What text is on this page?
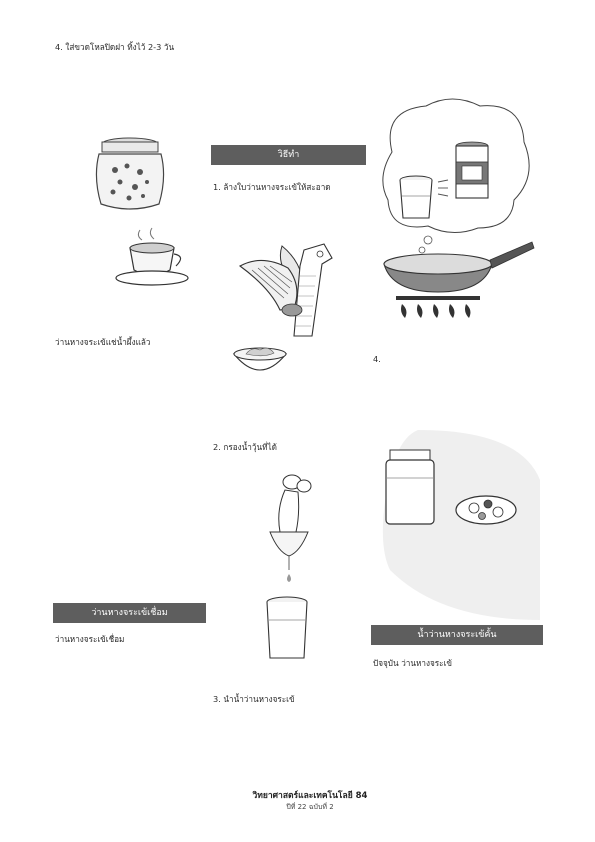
4. ใส่ขวดโหลปิดฝา ทิ้งไว้ 2-3 วัน

ว่านหางจระเข้แช่น้ำผึ้งแล้ว

ว่านหางจระเข้เชื่อม

ว่านหางจระเข้เชื่อม

วิธีทำ

1. ล้างใบว่านหางจระเข้ให้สะอาด

2. กรองน้ำวุ้นที่ได้

3. นำน้ำว่านหางจระเข้

4.

น้ำว่านหางจระเข้คั้น

ปัจจุบัน ว่านหางจระเข้

วิทยาศาสตร์และเทคโนโลยี 84
ปีที่ 22 ฉบับที่ 2
